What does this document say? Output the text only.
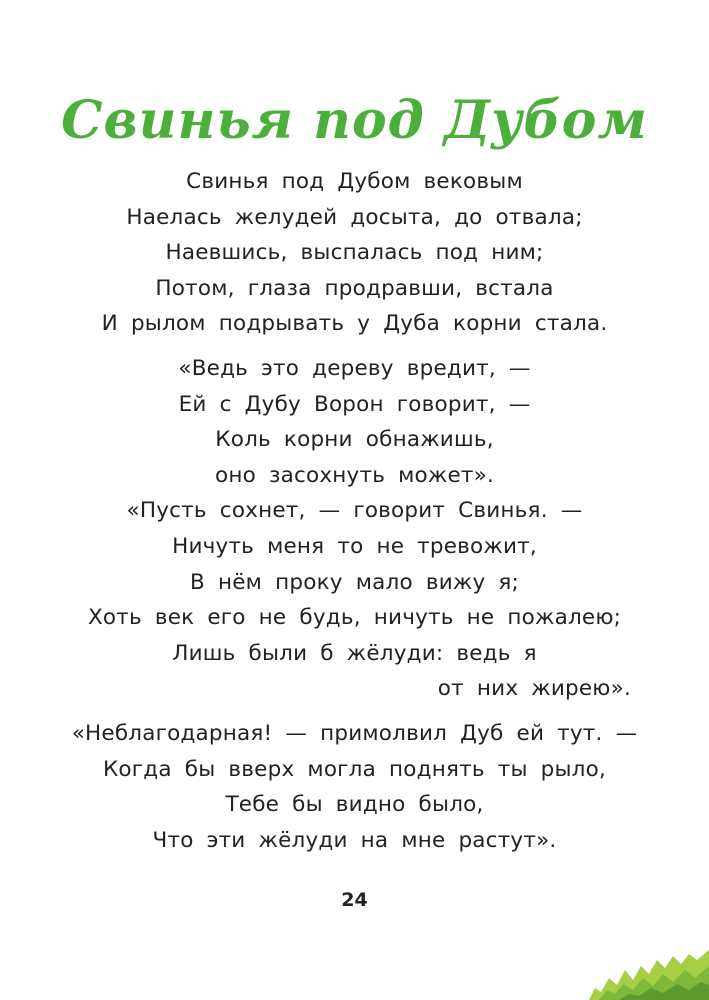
Свинья под Дубом
Свинья под Дубом вековым
Наелась желудей досыта, до отвала;
Наевшись, выспалась под ним;
Потом, глаза продравши, встала
И рылом подрывать у Дуба корни стала.
«Ведь это дереву вредит, —
Ей с Дубу Ворон говорит, —
Коль корни обнажишь,
оно засохнуть может».
«Пусть сохнет, — говорит Свинья. —
Ничуть меня то не тревожит,
В нём проку мало вижу я;
Хоть век его не будь, ничуть не пожалею;
Лишь были б жёлуди: ведь я
от них жирею».
«Неблагодарная! — примолвил Дуб ей тут. —
Когда бы вверх могла поднять ты рыло,
Тебе бы видно было,
Что эти жёлуди на мне растут».
24
